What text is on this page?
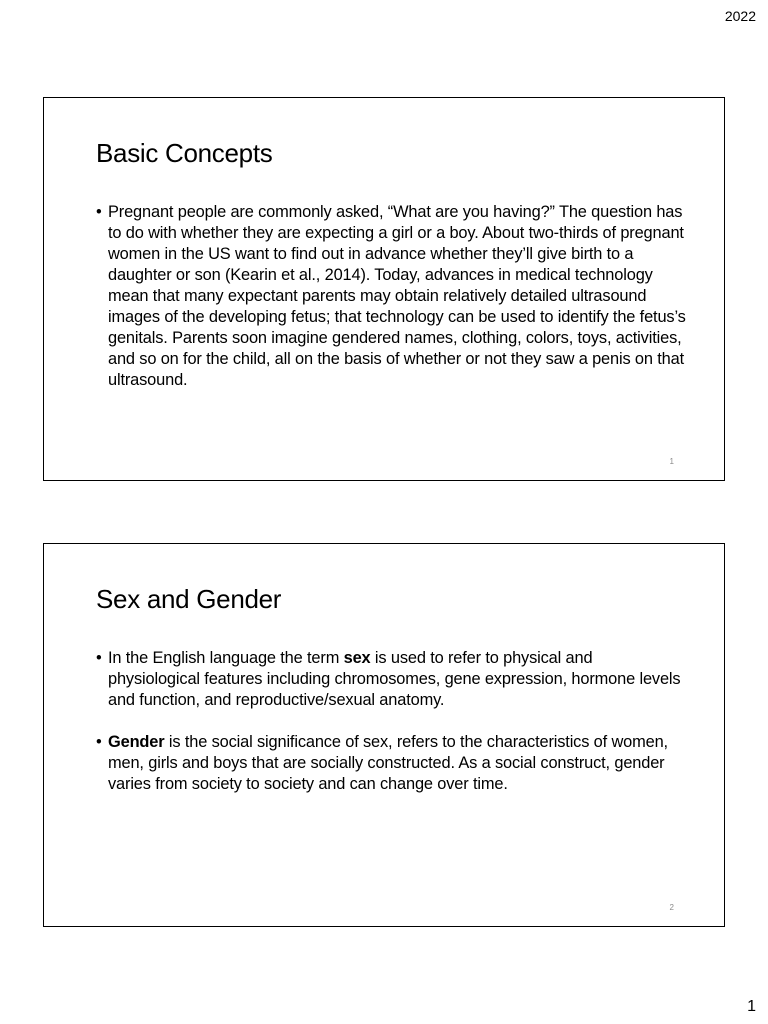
2022
Basic Concepts

• Pregnant people are commonly asked, “What are you having?” The question has to do with whether they are expecting a girl or a boy. About two-thirds of pregnant women in the US want to find out in advance whether they’ll give birth to a daughter or son (Kearin et al., 2014). Today, advances in medical technology mean that many expectant parents may obtain relatively detailed ultrasound images of the developing fetus; that technology can be used to identify the fetus’s genitals. Parents soon imagine gendered names, clothing, colors, toys, activities, and so on for the child, all on the basis of whether or not they saw a penis on that ultrasound.

1
Sex and Gender

• In the English language the term sex is used to refer to physical and physiological features including chromosomes, gene expression, hormone levels and function, and reproductive/sexual anatomy.

• Gender is the social significance of sex, refers to the characteristics of women, men, girls and boys that are socially constructed. As a social construct, gender varies from society to society and can change over time.

2
1
